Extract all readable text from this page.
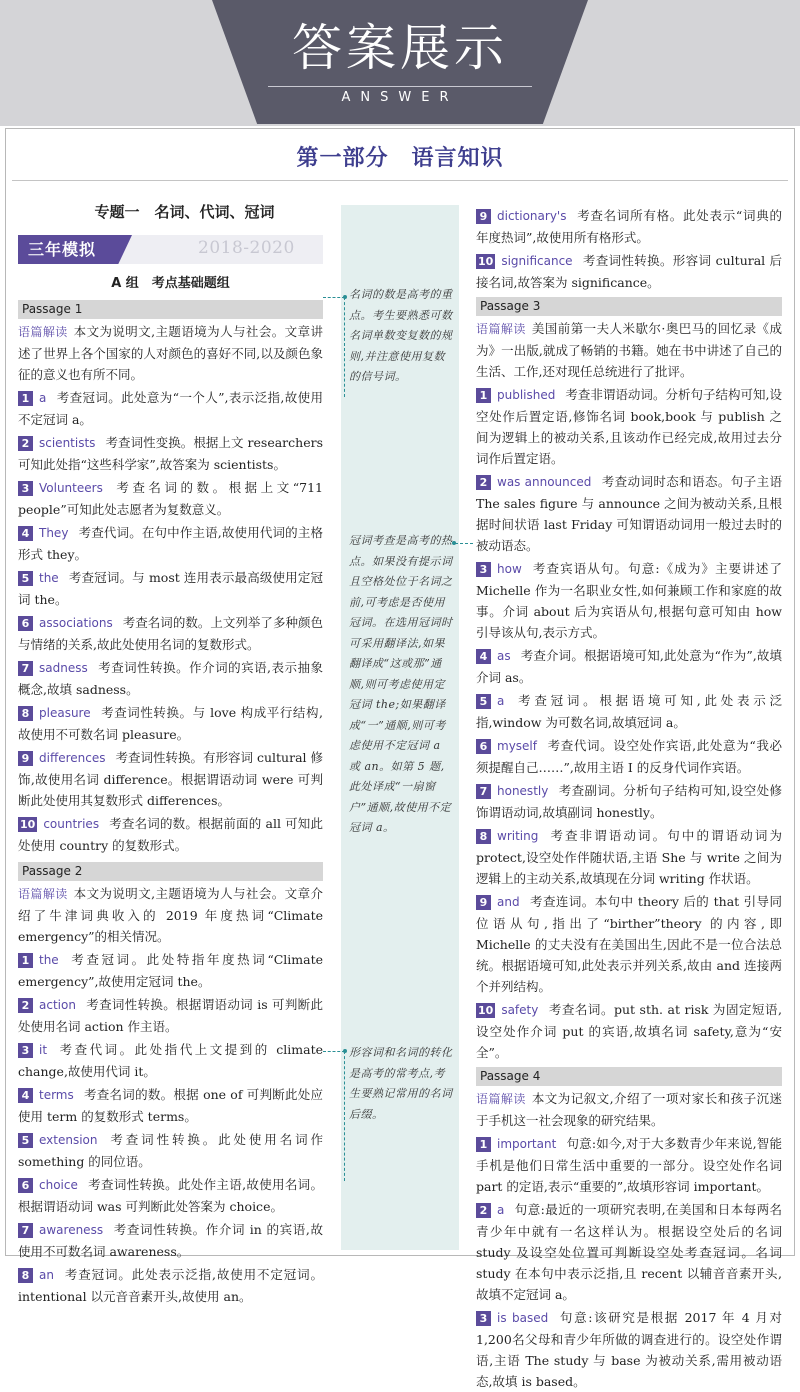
答案展示
ANSWER
第一部分　语言知识
名词的数是高考的重点。考生要熟悉可数名词单数变复数的规则,并注意使用复数的信号词。
冠词考查是高考的热点。如果没有提示词且空格处位于名词之前,可考虑是否使用冠词。在选用冠词时可采用翻译法,如果翻译成“这或那”通顺,则可考虑使用定冠词 the;如果翻译成“一”通顺,则可考虑使用不定冠词 a 或 an。如第 5 题,此处译成“一扇窗户”通顺,故使用不定冠词 a。
形容词和名词的转化是高考的常考点,考生要熟记常用的名词后缀。
专题一　名词、代词、冠词
三年模拟	2018-2020
A 组　考点基础题组
Passage 1
语篇解读 本文为说明文,主题语境为人与社会。文章讲述了世界上各个国家的人对颜色的喜好不同,以及颜色象征的意义也有所不同。
1 a 考查冠词。此处意为“一个人”,表示泛指,故使用不定冠词 a。
2 scientists 考查词性变换。根据上文 researchers 可知此处指“这些科学家”,故答案为 scientists。
3 Volunteers 考查名词的数。根据上文“711 people”可知此处志愿者为复数意义。
4 They 考查代词。在句中作主语,故使用代词的主格形式 they。
5 the 考查冠词。与 most 连用表示最高级使用定冠词 the。
6 associations 考查名词的数。上文列举了多种颜色与情绪的关系,故此处使用名词的复数形式。
7 sadness 考查词性转换。作介词的宾语,表示抽象概念,故填 sadness。
8 pleasure 考查词性转换。与 love 构成平行结构,故使用不可数名词 pleasure。
9 differences 考查词性转换。有形容词 cultural 修饰,故使用名词 difference。根据谓语动词 were 可判断此处使用其复数形式 differences。
10 countries 考查名词的数。根据前面的 all 可知此处使用 country 的复数形式。
Passage 2
语篇解读 本文为说明文,主题语境为人与社会。文章介绍了牛津词典收入的 2019 年度热词“Climate emergency”的相关情况。
1 the 考查冠词。此处特指年度热词“Climate emergency”,故使用定冠词 the。
2 action 考查词性转换。根据谓语动词 is 可判断此处使用名词 action 作主语。
3 it 考查代词。此处指代上文提到的 climate change,故使用代词 it。
4 terms 考查名词的数。根据 one of 可判断此处应使用 term 的复数形式 terms。
5 extension 考查词性转换。此处使用名词作 something 的同位语。
6 choice 考查词性转换。此处作主语,故使用名词。根据谓语动词 was 可判断此处答案为 choice。
7 awareness 考查词性转换。作介词 in 的宾语,故使用不可数名词 awareness。
8 an 考查冠词。此处表示泛指,故使用不定冠词。intentional 以元音音素开头,故使用 an。
9 dictionary's 考查名词所有格。此处表示“词典的年度热词”,故使用所有格形式。
10 significance 考查词性转换。形容词 cultural 后接名词,故答案为 significance。
Passage 3
语篇解读 美国前第一夫人米歇尔·奥巴马的回忆录《成为》一出版,就成了畅销的书籍。她在书中讲述了自己的生活、工作,还对现任总统进行了批评。
1 published 考查非谓语动词。分析句子结构可知,设空处作后置定语,修饰名词 book,book 与 publish 之间为逻辑上的被动关系,且该动作已经完成,故用过去分词作后置定语。
2 was announced 考查动词时态和语态。句子主语 The sales figure 与 announce 之间为被动关系,且根据时间状语 last Friday 可知谓语动词用一般过去时的被动语态。
3 how 考查宾语从句。句意:《成为》主要讲述了 Michelle 作为一名职业女性,如何兼顾工作和家庭的故事。介词 about 后为宾语从句,根据句意可知由 how 引导该从句,表示方式。
4 as 考查介词。根据语境可知,此处意为“作为”,故填介词 as。
5 a 考查冠词。根据语境可知,此处表示泛指,window 为可数名词,故填冠词 a。
6 myself 考查代词。设空处作宾语,此处意为“我必须提醒自己……”,故用主语 I 的反身代词作宾语。
7 honestly 考查副词。分析句子结构可知,设空处修饰谓语动词,故填副词 honestly。
8 writing 考查非谓语动词。句中的谓语动词为 protect,设空处作伴随状语,主语 She 与 write 之间为逻辑上的主动关系,故填现在分词 writing 作状语。
9 and 考查连词。本句中 theory 后的 that 引导同位语从句,指出了“birther”theory 的内容,即 Michelle 的丈夫没有在美国出生,因此不是一位合法总统。根据语境可知,此处表示并列关系,故由 and 连接两个并列结构。
10 safety 考查名词。put sth. at risk 为固定短语,设空处作介词 put 的宾语,故填名词 safety,意为“安全”。
Passage 4
语篇解读 本文为记叙文,介绍了一项对家长和孩子沉迷于手机这一社会现象的研究结果。
1 important 句意:如今,对于大多数青少年来说,智能手机是他们日常生活中重要的一部分。设空处作名词 part 的定语,表示“重要的”,故填形容词 important。
2 a 句意:最近的一项研究表明,在美国和日本每两名青少年中就有一名这样认为。根据设空处后的名词 study 及设空处位置可判断设空处考查冠词。名词 study 在本句中表示泛指,且 recent 以辅音音素开头,故填不定冠词 a。
3 is based 句意:该研究是根据 2017 年 4 月对 1,200名父母和青少年所做的调查进行的。设空处作谓语,主语 The study 与 base 为被动关系,需用被动语态,故填 is based。
